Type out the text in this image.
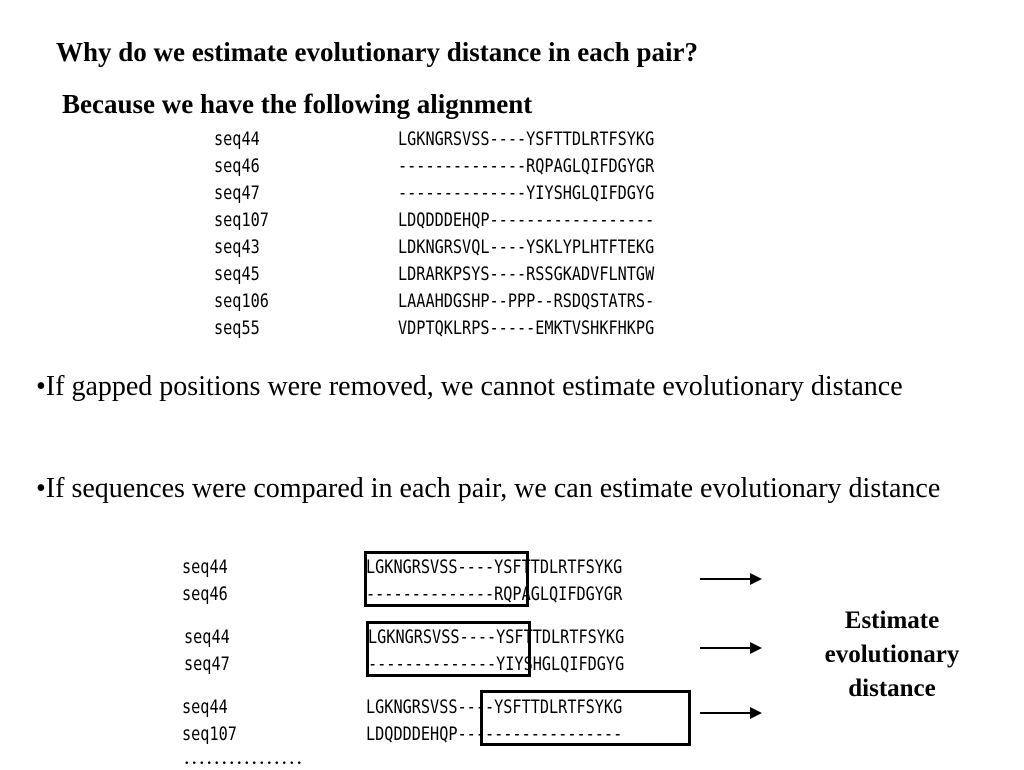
Why do we estimate evolutionary distance in each pair?
Because we have the following alignment
seq44	LGKNGRSVSS----YSFTTDLRTFSYKG
seq46	--------------RQPAGLQIFDGYGR
seq47	--------------YIYSHGLQIFDGYG
seq107	LDQDDDEHQP------------------
seq43	LDKNGRSVQL----YSKLYPLHTFTEKG
seq45	LDRARKPSYS----RSSGKADVFLNTGW
seq106	LAAAHDGSHP--PPP--RSDQSTATRS-
seq55	VDPTQKLRPS-----EMKTVSHKFHKPG
•If gapped positions were removed, we cannot estimate evolutionary distance
•If sequences were compared in each pair, we can estimate evolutionary distance
seq44	LGKNGRSVSS----YSFTTDLRTFSYKG
seq46	--------------RQPAGLQIFDGYGR
seq44	LGKNGRSVSS----YSFTTDLRTFSYKG
seq47	--------------YIYSHGLQIFDGYG
seq44	LGKNGRSVSS----YSFTTDLRTFSYKG
seq107	LDQDDDEHQP------------------
................
Estimate evolutionary distance
